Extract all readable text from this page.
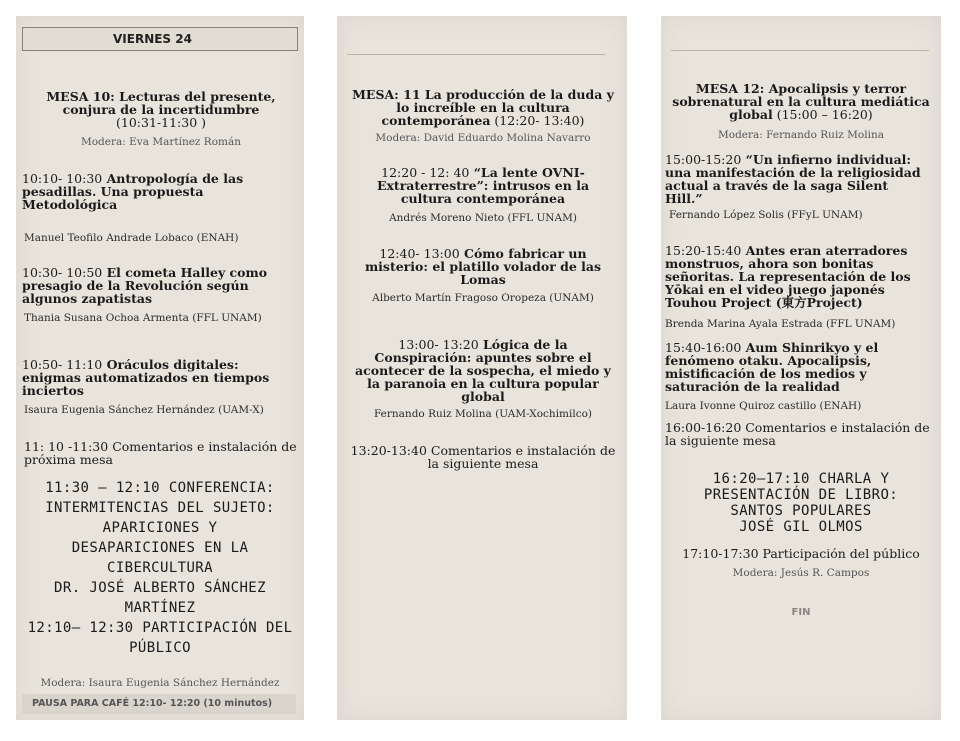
VIERNES 24
MESA 10: Lecturas del presente,
conjura de la incertidumbre
(10:31-11:30 )
Modera: Eva Martínez Román
10:10- 10:30 Antropología de las
pesadillas. Una propuesta
Metodológica
Manuel Teofilo Andrade Lobaco (ENAH)
10:30- 10:50 El cometa Halley como
presagio de la Revolución según
algunos zapatistas
Thania Susana Ochoa Armenta (FFL UNAM)
10:50- 11:10 Oráculos digitales:
enigmas automatizados en tiempos
inciertos
Isaura Eugenia Sánchez Hernández (UAM-X)
11: 10 -11:30 Comentarios e instalación de
próxima mesa
11:30 – 12:10 CONFERENCIA:
INTERMITENCIAS DEL SUJETO:
APARICIONES Y
DESAPARICIONES EN LA
CIBERCULTURA
DR. JOSÉ ALBERTO SÁNCHEZ
MARTÍNEZ
12:10– 12:30 PARTICIPACIÓN DEL
PÚBLICO
Modera: Isaura Eugenia Sánchez Hernández
PAUSA PARA CAFÉ 12:10- 12:20 (10 minutos)
MESA: 11 La producción de la duda y
lo increíble en la cultura
contemporánea (12:20- 13:40)
Modera: David Eduardo Molina Navarro
12:20 - 12: 40 “La lente OVNI-
Extraterrestre”: intrusos en la
cultura contemporánea
Andrés Moreno Nieto (FFL UNAM)
12:40- 13:00 Cómo fabricar un
misterio: el platillo volador de las
Lomas
Alberto Martín Fragoso Oropeza (UNAM)
13:00- 13:20 Lógica de la
Conspiración: apuntes sobre el
acontecer de la sospecha, el miedo y
la paranoia en la cultura popular
global
Fernando Ruiz Molina (UAM-Xochimilco)
13:20-13:40 Comentarios e instalación de
la siguiente mesa
MESA 12: Apocalipsis y terror
sobrenatural en la cultura mediática
global (15:00 – 16:20)
Modera: Fernando Ruiz Molina
15:00-15:20 “Un infierno individual:
una manifestación de la religiosidad
actual a través de la saga Silent
Hill.”
Fernando López Solis (FFyL UNAM)
15:20-15:40 Antes eran aterradores
monstruos, ahora son bonitas
señoritas. La representación de los
Yōkai en el video juego japonés
Touhou Project (東方Project)
Brenda Marina Ayala Estrada (FFL UNAM)
15:40-16:00 Aum Shinrikyo y el
fenómeno otaku. Apocalipsis,
mistificación de los medios y
saturación de la realidad
Laura Ivonne Quiroz castillo (ENAH)
16:00-16:20 Comentarios e instalación de
la siguiente mesa
16:20–17:10 CHARLA Y
PRESENTACIÓN DE LIBRO:
SANTOS POPULARES
JOSÉ GIL OLMOS
17:10-17:30 Participación del público
Modera: Jesús R. Campos
FIN
